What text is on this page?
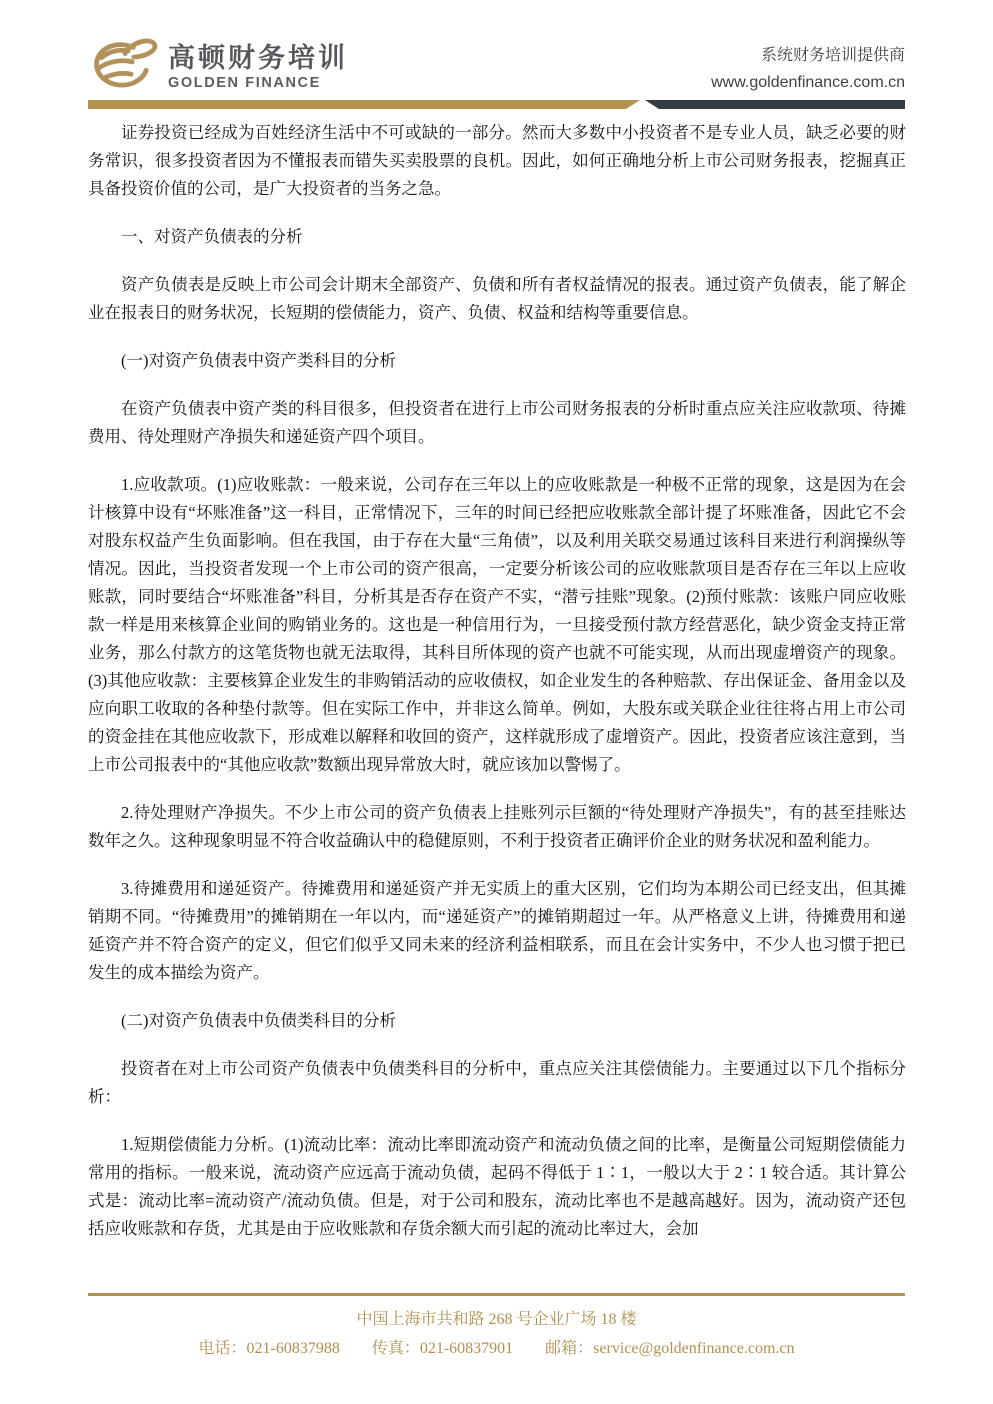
高顿财务培训
GOLDEN FINANCE
系统财务培训提供商
www.goldenfinance.com.cn

证券投资已经成为百姓经济生活中不可或缺的一部分。然而大多数中小投资者不是专业人员，缺乏必要的财务常识，很多投资者因为不懂报表而错失买卖股票的良机。因此，如何正确地分析上市公司财务报表，挖掘真正具备投资价值的公司，是广大投资者的当务之急。

一、对资产负债表的分析

资产负债表是反映上市公司会计期末全部资产、负债和所有者权益情况的报表。通过资产负债表，能了解企业在报表日的财务状况，长短期的偿债能力，资产、负债、权益和结构等重要信息。

(一)对资产负债表中资产类科目的分析

在资产负债表中资产类的科目很多，但投资者在进行上市公司财务报表的分析时重点应关注应收款项、待摊费用、待处理财产净损失和递延资产四个项目。

1.应收款项。(1)应收账款：一般来说，公司存在三年以上的应收账款是一种极不正常的现象，这是因为在会计核算中设有“坏账准备”这一科目，正常情况下，三年的时间已经把应收账款全部计提了坏账准备，因此它不会对股东权益产生负面影响。但在我国，由于存在大量“三角债”，以及利用关联交易通过该科目来进行利润操纵等情况。因此，当投资者发现一个上市公司的资产很高，一定要分析该公司的应收账款项目是否存在三年以上应收账款，同时要结合“坏账准备”科目，分析其是否存在资产不实，“潜亏挂账”现象。(2)预付账款：该账户同应收账款一样是用来核算企业间的购销业务的。这也是一种信用行为，一旦接受预付款方经营恶化，缺少资金支持正常业务，那么付款方的这笔货物也就无法取得，其科目所体现的资产也就不可能实现，从而出现虚增资产的现象。(3)其他应收款：主要核算企业发生的非购销活动的应收债权，如企业发生的各种赔款、存出保证金、备用金以及应向职工收取的各种垫付款等。但在实际工作中，并非这么简单。例如，大股东或关联企业往往将占用上市公司的资金挂在其他应收款下，形成难以解释和收回的资产，这样就形成了虚增资产。因此，投资者应该注意到，当上市公司报表中的“其他应收款”数额出现异常放大时，就应该加以警惕了。

2.待处理财产净损失。不少上市公司的资产负债表上挂账列示巨额的“待处理财产净损失”，有的甚至挂账达数年之久。这种现象明显不符合收益确认中的稳健原则，不利于投资者正确评价企业的财务状况和盈利能力。

3.待摊费用和递延资产。待摊费用和递延资产并无实质上的重大区别，它们均为本期公司已经支出，但其摊销期不同。“待摊费用”的摊销期在一年以内，而“递延资产”的摊销期超过一年。从严格意义上讲，待摊费用和递延资产并不符合资产的定义，但它们似乎又同未来的经济利益相联系，而且在会计实务中，不少人也习惯于把已发生的成本描绘为资产。

(二)对资产负债表中负债类科目的分析

投资者在对上市公司资产负债表中负债类科目的分析中，重点应关注其偿债能力。主要通过以下几个指标分析：

1.短期偿债能力分析。(1)流动比率：流动比率即流动资产和流动负债之间的比率，是衡量公司短期偿债能力常用的指标。一般来说，流动资产应远高于流动负债，起码不得低于 1∶1，一般以大于 2∶1 较合适。其计算公式是：流动比率=流动资产/流动负债。但是，对于公司和股东，流动比率也不是越高越好。因为，流动资产还包括应收账款和存货，尤其是由于应收账款和存货余额大而引起的流动比率过大，会加

中国上海市共和路 268 号企业广场 18 楼
电话：021-60837988 传真：021-60837901 邮箱：service@goldenfinance.com.cn
